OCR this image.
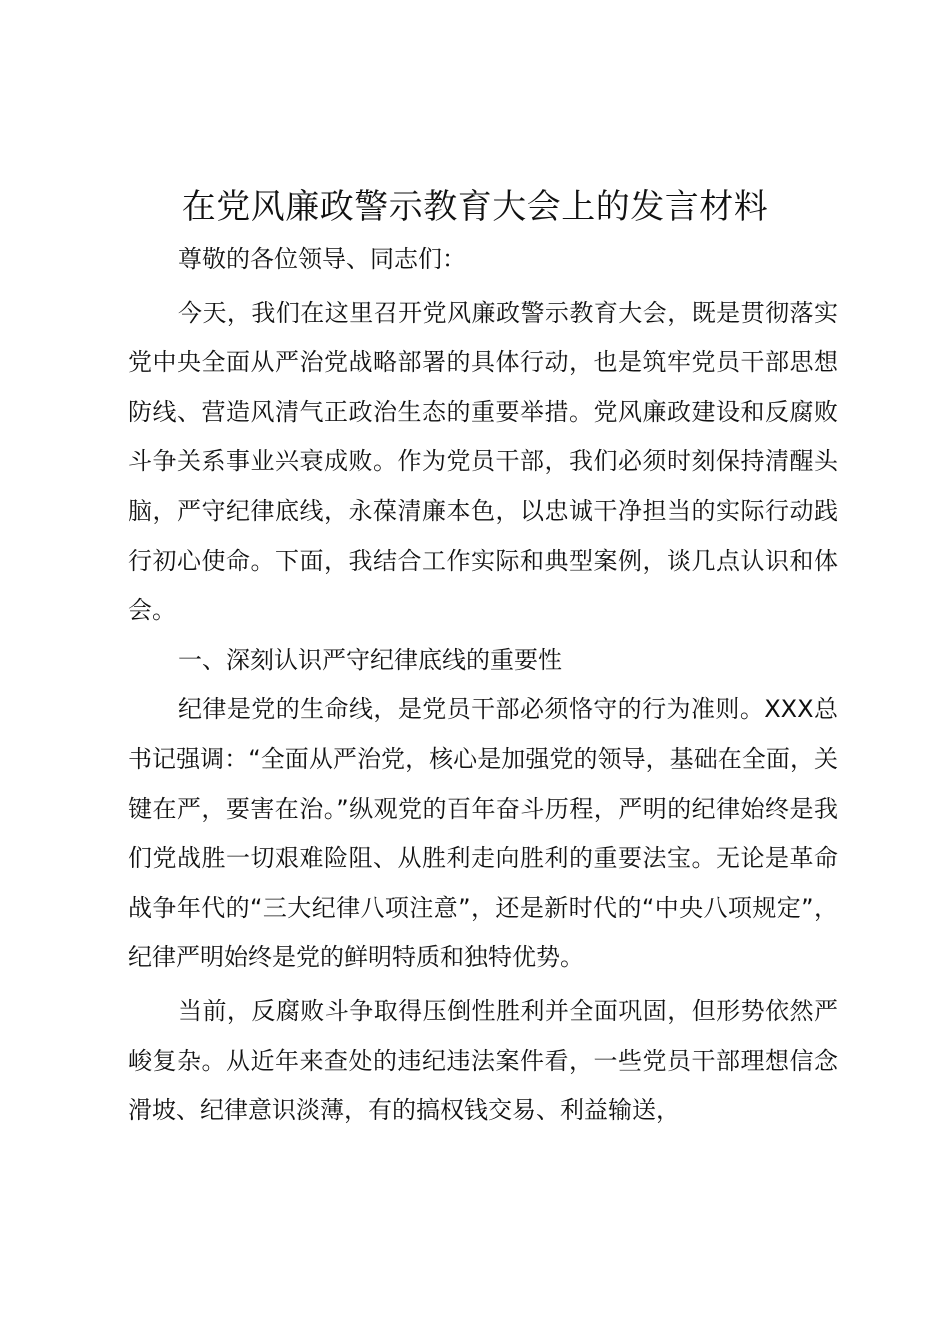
在党风廉政警示教育大会上的发言材料

尊敬的各位领导、同志们：

今天，我们在这里召开党风廉政警示教育大会，既是贯彻落实党中央全面从严治党战略部署的具体行动，也是筑牢党员干部思想防线、营造风清气正政治生态的重要举措。党风廉政建设和反腐败斗争关系事业兴衰成败。作为党员干部，我们必须时刻保持清醒头脑，严守纪律底线，永葆清廉本色，以忠诚干净担当的实际行动践行初心使命。下面，我结合工作实际和典型案例，谈几点认识和体会。

一、深刻认识严守纪律底线的重要性

纪律是党的生命线，是党员干部必须恪守的行为准则。XXX总书记强调：“全面从严治党，核心是加强党的领导，基础在全面，关键在严，要害在治。”纵观党的百年奋斗历程，严明的纪律始终是我们党战胜一切艰难险阻、从胜利走向胜利的重要法宝。无论是革命战争年代的“三大纪律八项注意”，还是新时代的“中央八项规定”，纪律严明始终是党的鲜明特质和独特优势。

当前，反腐败斗争取得压倒性胜利并全面巩固，但形势依然严峻复杂。从近年来查处的违纪违法案件看，一些党员干部理想信念滑坡、纪律意识淡薄，有的搞权钱交易、利益输送，
